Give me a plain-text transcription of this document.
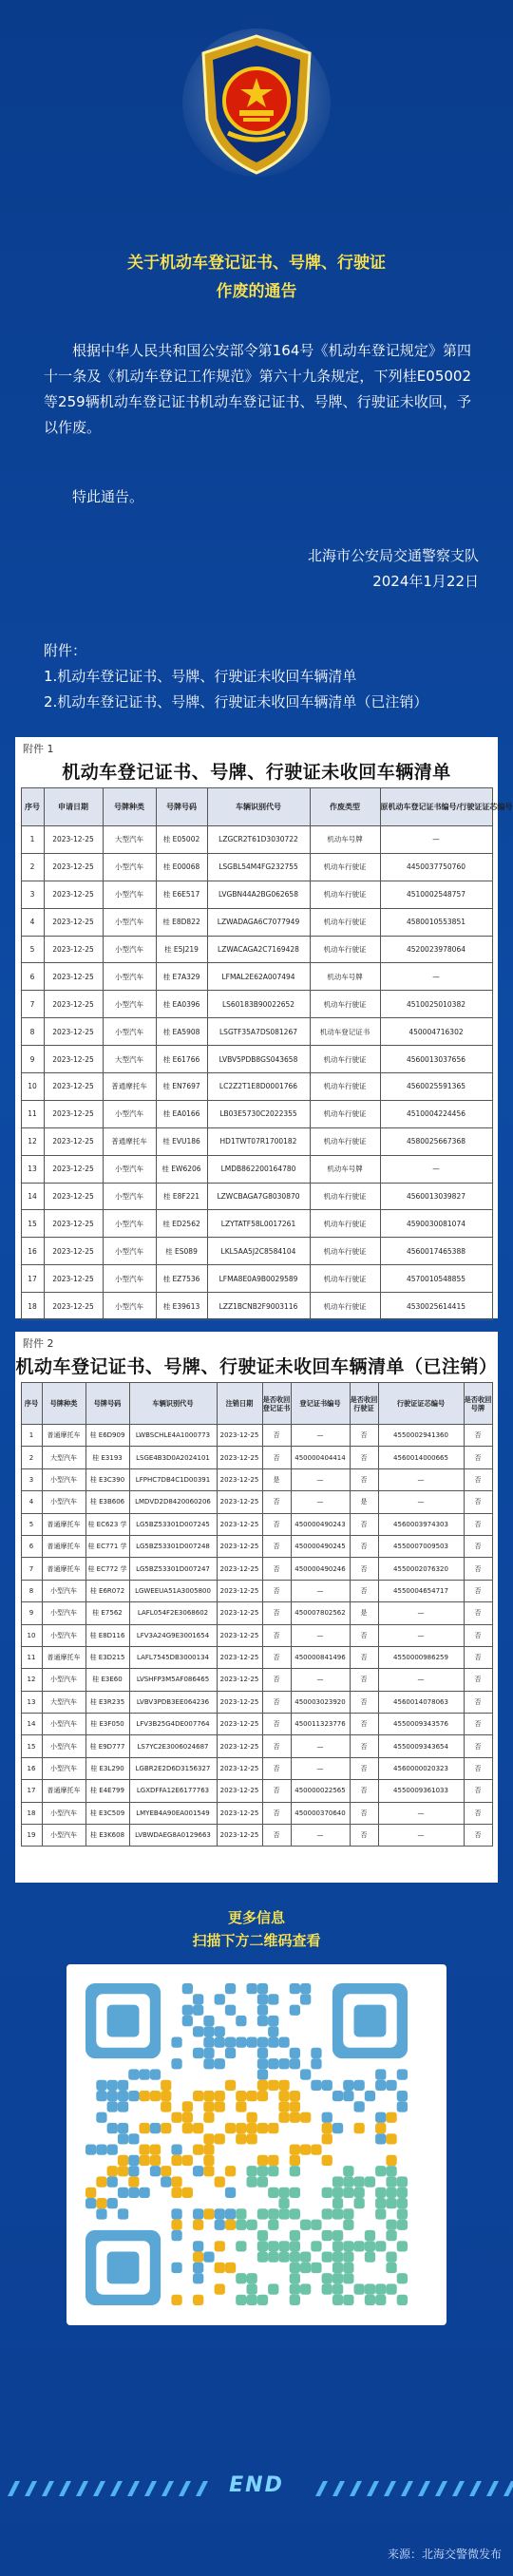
关于机动车登记证书、号牌、行驶证
作废的通告

根据中华人民共和国公安部令第164号《机动车登记规定》第四十一条及《机动车登记工作规范》第六十九条规定，下列桂E05002等259辆机动车登记证书机动车登记证书、号牌、行驶证未收回，予以作废。

特此通告。

北海市公安局交通警察支队
2024年1月22日
附件：
1.机动车登记证书、号牌、行驶证未收回车辆清单
2.机动车登记证书、号牌、行驶证未收回车辆清单（已注销）
附件 1
机动车登记证书、号牌、行驶证未收回车辆清单
序号	申请日期	号牌种类	号牌号码	车辆识别代号	作废类型	原机动车登记证书编号/行驶证证芯编号
1	2023-12-25	大型汽车	桂 E05002	LZGCR2T61D3030722	机动车号牌	—
2	2023-12-25	小型汽车	桂 E00068	LSGBL54M4FG232755	机动车行驶证	445003775076​0
3	2023-12-25	小型汽车	桂 E6E517	LVGBN44A2BG062658	机动车行驶证	4510002548757
4	2023-12-25	小型汽车	桂 E8D822	LZWADAGA6C7077949	机动车行驶证	4580010553851
5	2023-12-25	小型汽车	桂 E5J219	LZWACAGA2C7169428	机动车行驶证	4520023978064
6	2023-12-25	小型汽车	桂 E7A329	LFMAL2E62A0074​94	机动车号牌	—
7	2023-12-25	小型汽车	桂 EA0396	LS60183B9002265​2	机动车行驶证	4510025010382
8	2023-12-25	小型汽车	桂 EA5908	LSGTF35A7DS081267	机动车登记证书	450004716302
9	2023-12-25	大型汽车	桂 E61766	LVBV5PDB8GS043658	机动车行驶证	4560013037656
10	2023-12-25	普通摩托车	桂 EN7697	LC2Z2T1E8D0001766	机动车行驶证	4560025591365
11	2023-12-25	小型汽车	桂 EA0166	LB03E5730C2022355	机动车行驶证	4510004224456
12	2023-12-25	普通摩托车	桂 EVU186	HD1TWT07R1700182	机动车行驶证	4580025667368
13	2023-12-25	小型汽车	桂 EW6206	LMDB8622001647​80	机动车号牌	—
14	2023-12-25	小型汽车	桂 E8F221	LZWCBAGA7G8030870	机动车行驶证	4560013039827
15	2023-12-25	小型汽车	桂 ED2562	LZYTATF58L0017261	机动车行驶证	4590030081074
16	2023-12-25	小型汽车	桂 ES089	LKL5AA5J2C8584104	机动车行驶证	4560017465388
17	2023-12-25	小型汽车	桂 EZ7536	LFMA8E0A9B0029589	机动车行驶证	4570010548855
18	2023-12-25	小型汽车	桂 E39613	LZZ1BCNB2F9003116	机动车行驶证	4530025614415
附件 2
机动车登记证书、号牌、行驶证未收回车辆清单（已注销）
序号	号牌种类	号牌号码	车辆识别代号	注销日期	是否收回登记证书	登记证书编号	是否收回行驶证	行驶证证芯编号	是否收回号牌
1	普通摩托车	桂 E6D909	LWBSCHLE4A1000773	2023-12-25	否	—	否	4550002941360	否
2	大型汽车	桂 E3193	LSGE4B3D0A2024101	2023-12-25	否	450000404414	否	4560014000665	否
3	小型汽车	桂 E3C390	LFPHC7DB4C1D00391	2023-12-25	是	—	否	—	否
4	小型汽车	桂 E3B606	LMDVD2D8420060206	2023-12-25	否	—	是	—	否
5	普通摩托车	桂 EC623 学	LG5BZ53301D007245	2023-12-25	否	450000490243	否	4560003974303	否
6	普通摩托车	桂 EC771 学	LG5BZ53301D007248	2023-12-25	否	450000490245	否	4550007009503	否
7	普通摩托车	桂 EC772 学	LG5BZ53301D007247	2023-12-25	否	450000490246	否	4550002076320	否
8	小型汽车	桂 E6R072	LGWEEUA51A3005800	2023-12-25	否	—	否	4550004654717	否
9	小型汽车	桂 E7562	LAFL054F2E3068602	2023-12-25	否	450007802562	是	—	否
10	小型汽车	桂 E8D116	LFV3A24G9E3001654	2023-12-25	否	—	否	—	否
11	普通摩托车	桂 E3D215	LAFL7545DB3000134	2023-12-25	否	450000841496	否	4550000986259	否
12	小型汽车	桂 E3E60	LVSHFP3M5AF086465	2023-12-25	否	—	否	—	否
13	大型汽车	桂 E3R235	LVBV3PDB3EE064236	2023-12-25	否	450003023920	否	4560014078063	否
14	小型汽车	桂 E3F050	LFV3B25G4DE007764	2023-12-25	否	450011323776	否	4550009343576	否
15	小型汽车	桂 E9D777	LS7YC2E3006024687	2023-12-25	否	—	否	4550009343654	否
16	小型汽车	桂 E3L290	LGBR2E2D6D3156327	2023-12-25	否	—	否	4560000020323	否
17	普通摩托车	桂 E4E799	LGXDFFA12E6177763	2023-12-25	否	450000022565	否	4550009361033	否
18	小型汽车	桂 E3C509	LMYEB4A90EA001549	2023-12-25	否	450000370640	否	—	否
19	小型汽车	桂 E3K608	LVBWDAEG8A0129663	2023-12-25	否	—	否	—	否
更多信息
扫描下方二维码查看
END
来源：北海交警微发布
